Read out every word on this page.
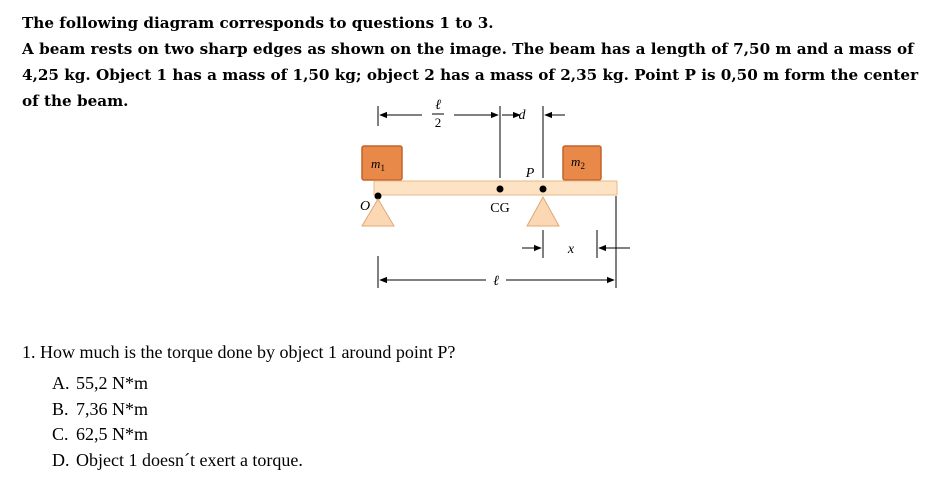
The following diagram corresponds to questions 1 to 3.

A beam rests on two sharp edges as shown on the image. The beam has a length of 7,50 m and a mass of 4,25 kg. Object 1 has a mass of 1,50 kg; object 2 has a mass of 2,35 kg. Point P is 0,50 m form the center of the beam.	ℓ
2	d
$m_1$	$m_2$
P
O	CG
x
ℓ

1. How much is the torque done by object 1 around point P?

A. 55,2 N*m
B. 7,36 N*m
C. 62,5 N*m
D. Object 1 doesn´t exert a torque.
